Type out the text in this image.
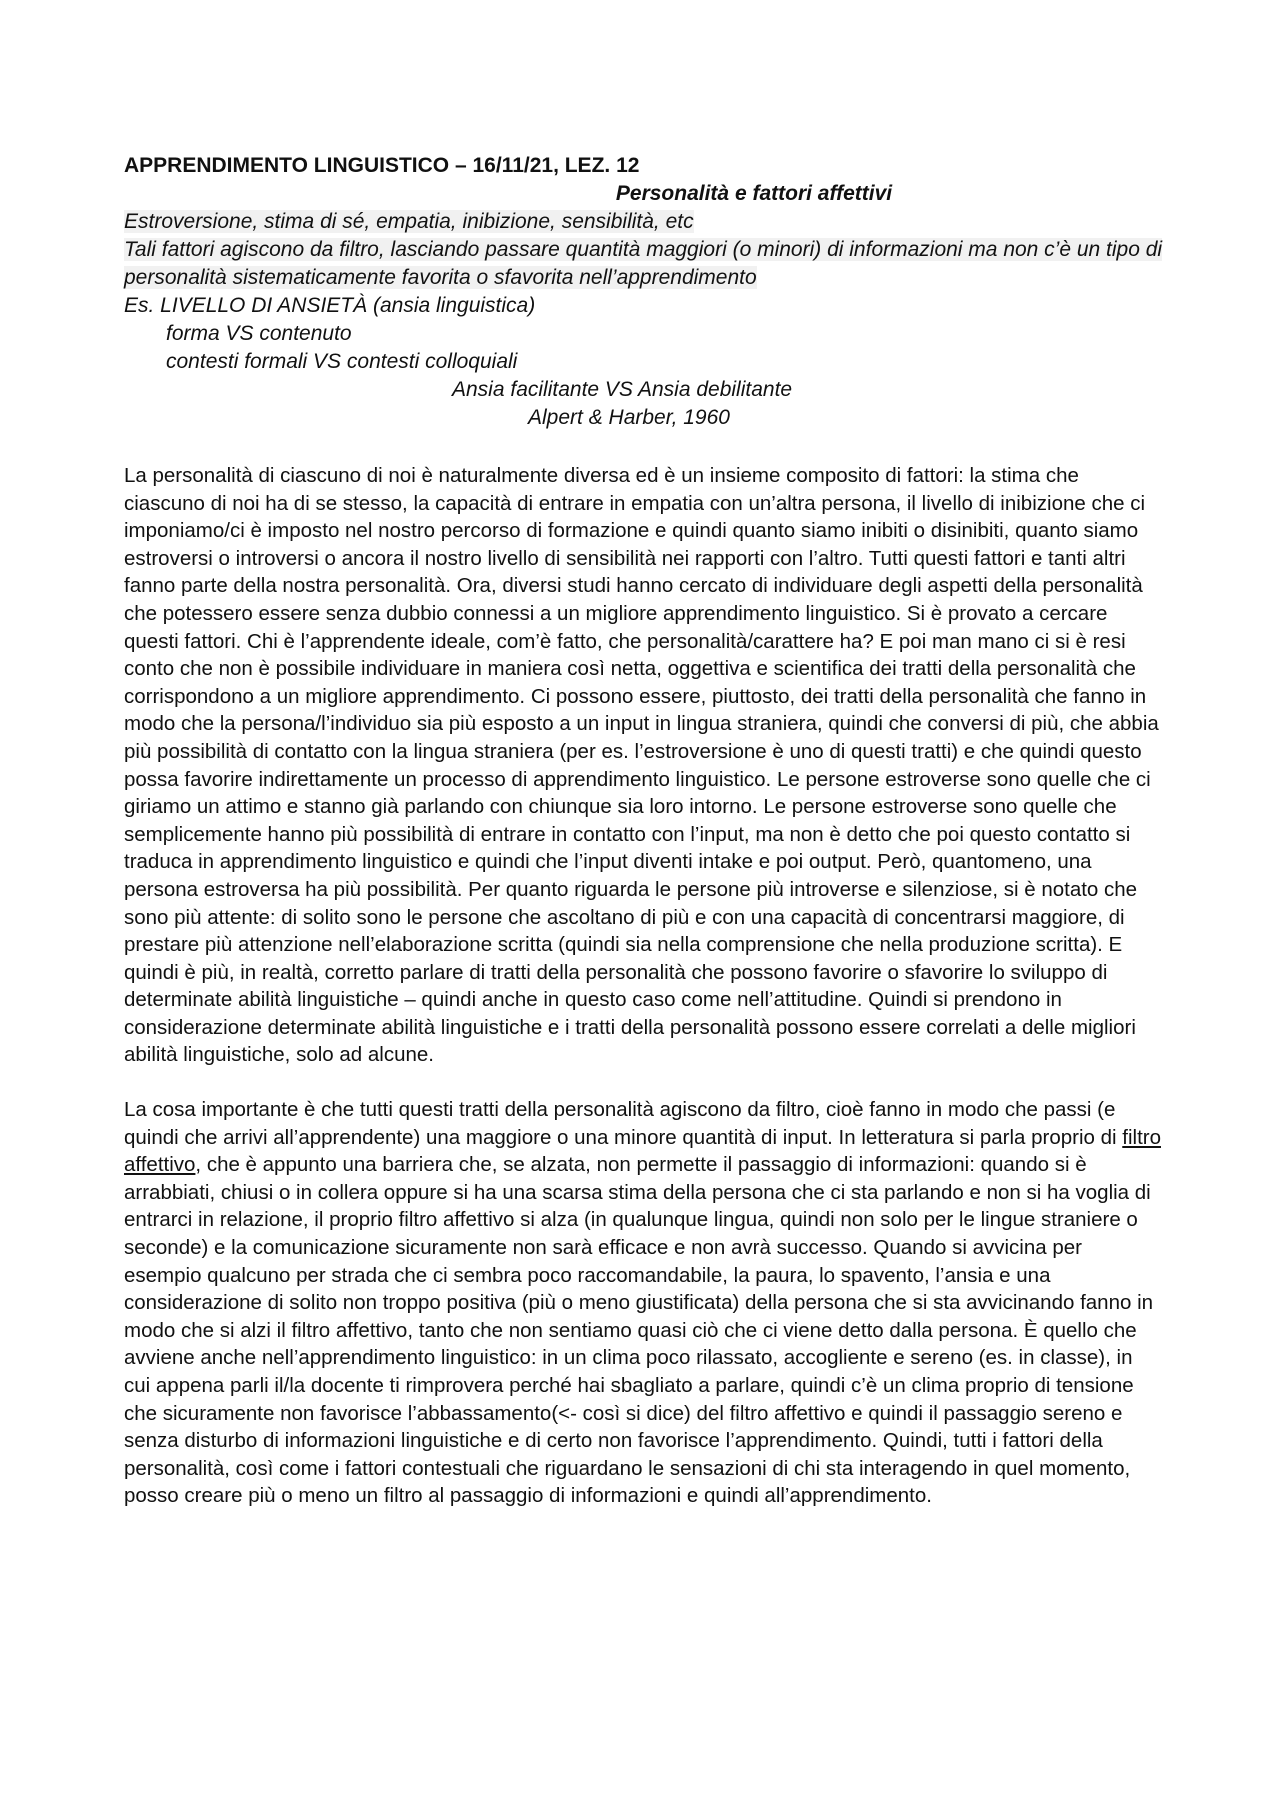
APPRENDIMENTO LINGUISTICO – 16/11/21, LEZ. 12

Personalità e fattori affettivi

Estroversione, stima di sé, empatia, inibizione, sensibilità, etc

Tali fattori agiscono da filtro, lasciando passare quantità maggiori (o minori) di informazioni ma non c’è un tipo di personalità sistematicamente favorita o sfavorita nell’apprendimento

Es. LIVELLO DI ANSIETÀ (ansia linguistica)

forma VS contenuto

contesti formali VS contesti colloquiali

Ansia facilitante VS Ansia debilitante

Alpert & Harber, 1960

La personalità di ciascuno di noi è naturalmente diversa ed è un insieme composito di fattori: la stima che ciascuno di noi ha di se stesso, la capacità di entrare in empatia con un’altra persona, il livello di inibizione che ci imponiamo/ci è imposto nel nostro percorso di formazione e quindi quanto siamo inibiti o disinibiti, quanto siamo estroversi o introversi o ancora il nostro livello di sensibilità nei rapporti con l’altro. Tutti questi fattori e tanti altri fanno parte della nostra personalità. Ora, diversi studi hanno cercato di individuare degli aspetti della personalità che potessero essere senza dubbio connessi a un migliore apprendimento linguistico. Si è provato a cercare questi fattori. Chi è l’apprendente ideale, com’è fatto, che personalità/carattere ha? E poi man mano ci si è resi conto che non è possibile individuare in maniera così netta, oggettiva e scientifica dei tratti della personalità che corrispondono a un migliore apprendimento. Ci possono essere, piuttosto, dei tratti della personalità che fanno in modo che la persona/l’individuo sia più esposto a un input in lingua straniera, quindi che conversi di più, che abbia più possibilità di contatto con la lingua straniera (per es. l’estroversione è uno di questi tratti) e che quindi questo possa favorire indirettamente un processo di apprendimento linguistico. Le persone estroverse sono quelle che ci giriamo un attimo e stanno già parlando con chiunque sia loro intorno. Le persone estroverse sono quelle che semplicemente hanno più possibilità di entrare in contatto con l’input, ma non è detto che poi questo contatto si traduca in apprendimento linguistico e quindi che l’input diventi intake e poi output. Però, quantomeno, una persona estroversa ha più possibilità. Per quanto riguarda le persone più introverse e silenziose, si è notato che sono più attente: di solito sono le persone che ascoltano di più e con una capacità di concentrarsi maggiore, di prestare più attenzione nell’elaborazione scritta (quindi sia nella comprensione che nella produzione scritta). E quindi è più, in realtà, corretto parlare di tratti della personalità che possono favorire o sfavorire lo sviluppo di determinate abilità linguistiche – quindi anche in questo caso come nell’attitudine. Quindi si prendono in considerazione determinate abilità linguistiche e i tratti della personalità possono essere correlati a delle migliori abilità linguistiche, solo ad alcune.

La cosa importante è che tutti questi tratti della personalità agiscono da filtro, cioè fanno in modo che passi (e quindi che arrivi all’apprendente) una maggiore o una minore quantità di input. In letteratura si parla proprio di filtro affettivo, che è appunto una barriera che, se alzata, non permette il passaggio di informazioni: quando si è arrabbiati, chiusi o in collera oppure si ha una scarsa stima della persona che ci sta parlando e non si ha voglia di entrarci in relazione, il proprio filtro affettivo si alza (in qualunque lingua, quindi non solo per le lingue straniere o seconde) e la comunicazione sicuramente non sarà efficace e non avrà successo. Quando si avvicina per esempio qualcuno per strada che ci sembra poco raccomandabile, la paura, lo spavento, l’ansia e una considerazione di solito non troppo positiva (più o meno giustificata) della persona che si sta avvicinando fanno in modo che si alzi il filtro affettivo, tanto che non sentiamo quasi ciò che ci viene detto dalla persona. È quello che avviene anche nell’apprendimento linguistico: in un clima poco rilassato, accogliente e sereno (es. in classe), in cui appena parli il/la docente ti rimprovera perché hai sbagliato a parlare, quindi c’è un clima proprio di tensione che sicuramente non favorisce l’abbassamento(<- così si dice) del filtro affettivo e quindi il passaggio sereno e senza disturbo di informazioni linguistiche e di certo non favorisce l’apprendimento. Quindi, tutti i fattori della personalità, così come i fattori contestuali che riguardano le sensazioni di chi sta interagendo in quel momento, posso creare più o meno un filtro al passaggio di informazioni e quindi all’apprendimento.
